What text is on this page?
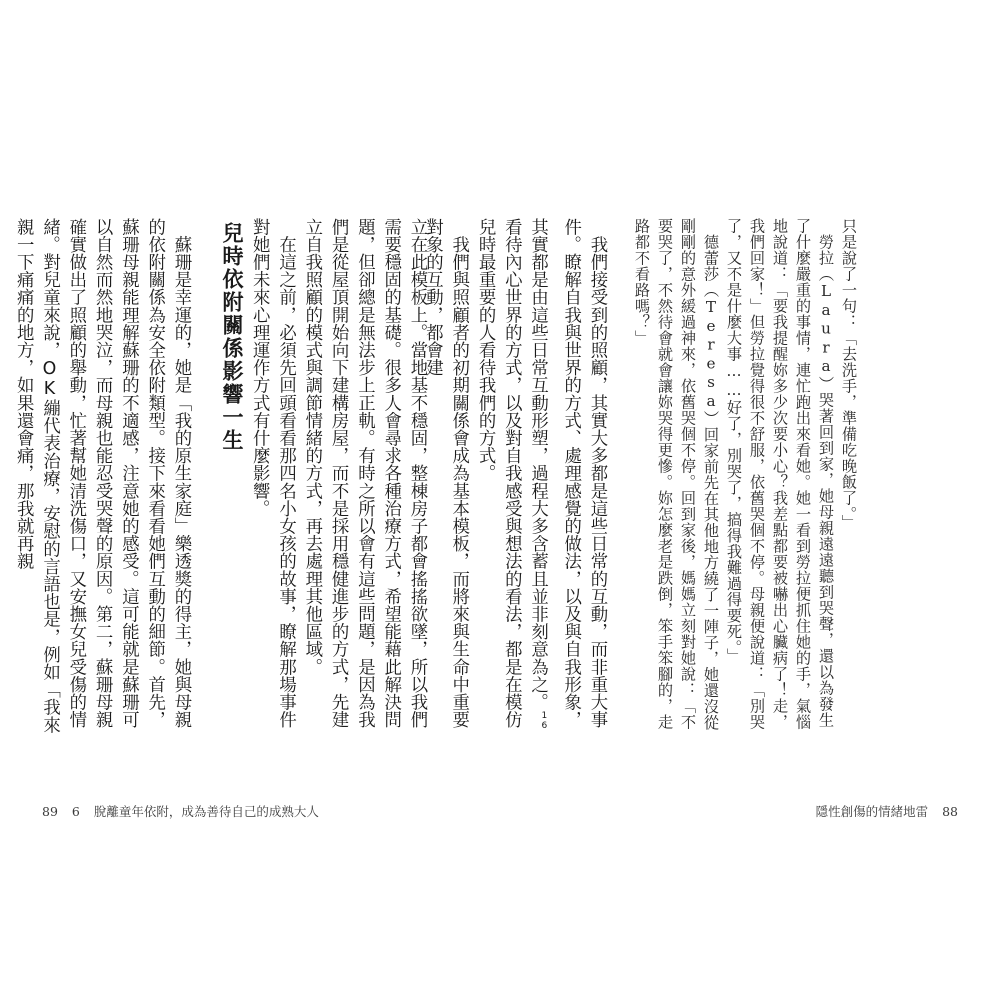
立在此模板上。當地基不穩固，整棟房子都會搖搖欲墜，所以我們需要穩固的基礎。很多人會尋求各種治療方式，希望能藉此解決問題，但卻總是無法步上正軌。有時之所以會有這些問題，是因為我們是從屋頂開始向下建構房屋，而不是採用穩健進步的方式，先建立自我照顧的模式與調節情緒的方式，再去處理其他區域。
　在這之前，必須先回頭看看那四名小女孩的故事，瞭解那場事件對她們未來心理運作方式有什麼影響。
兒時依附關係影響一生
　蘇珊是幸運的，她是「我的原生家庭」樂透獎的得主，她與母親的依附關係為安全依附類型。接下來看看她們互動的細節。首先，蘇珊母親能理解蘇珊的不適感，注意她的感受。這可能就是蘇珊可以自然而然地哭泣，而母親也能忍受哭聲的原因。第二，蘇珊母親確實做出了照顧的舉動，忙著幫她清洗傷口，又安撫女兒受傷的情緒。對兒童來說，OK繃代表治療，安慰的言語也是，例如「我來親一下痛痛的地方，如果還會痛，那我就再親
89 6 脫離童年依附，成為善待自己的成熟大人
只是說了一句：「去洗手，準備吃晚飯了。」
　勞拉（Laura）哭著回到家，她母親遠遠聽到哭聲，還以為發生了什麼嚴重的事情，連忙跑出來看她。她一看到勞拉便抓住她的手，氣惱地說道：「要我提醒妳多少次要小心？我差點都要被嚇出心臟病了！走，我們回家！」但勞拉覺得很不舒服，依舊哭個不停。母親便說道：「別哭了，又不是什麼大事……好了，別哭了，搞得我難過得要死。」
　德蕾莎（Teresa）回家前先在其他地方繞了一陣子，她還沒從剛剛的意外緩過神來，依舊哭個不停。回到家後，媽媽立刻對她說：「不要哭了，不然待會就會讓妳哭得更慘。妳怎麼老是跌倒，笨手笨腳的，走路都不看路嗎？」
　我們接受到的照顧，其實大多都是這些日常的互動，而非重大事件。瞭解自我與世界的方式、處理感覺的做法，以及與自我形象，其實都是由這些日常互動形塑，過程大多含蓄且並非刻意為之。$^{16}$看待內心世界的方式，以及對自我感受與想法的看法，都是在模仿兒時最重要的人看待我們的方式。
　我們與照顧者的初期關係會成為基本模板，而將來與生命中重要對象的互動，都會建
隱性創傷的情緒地雷 88
